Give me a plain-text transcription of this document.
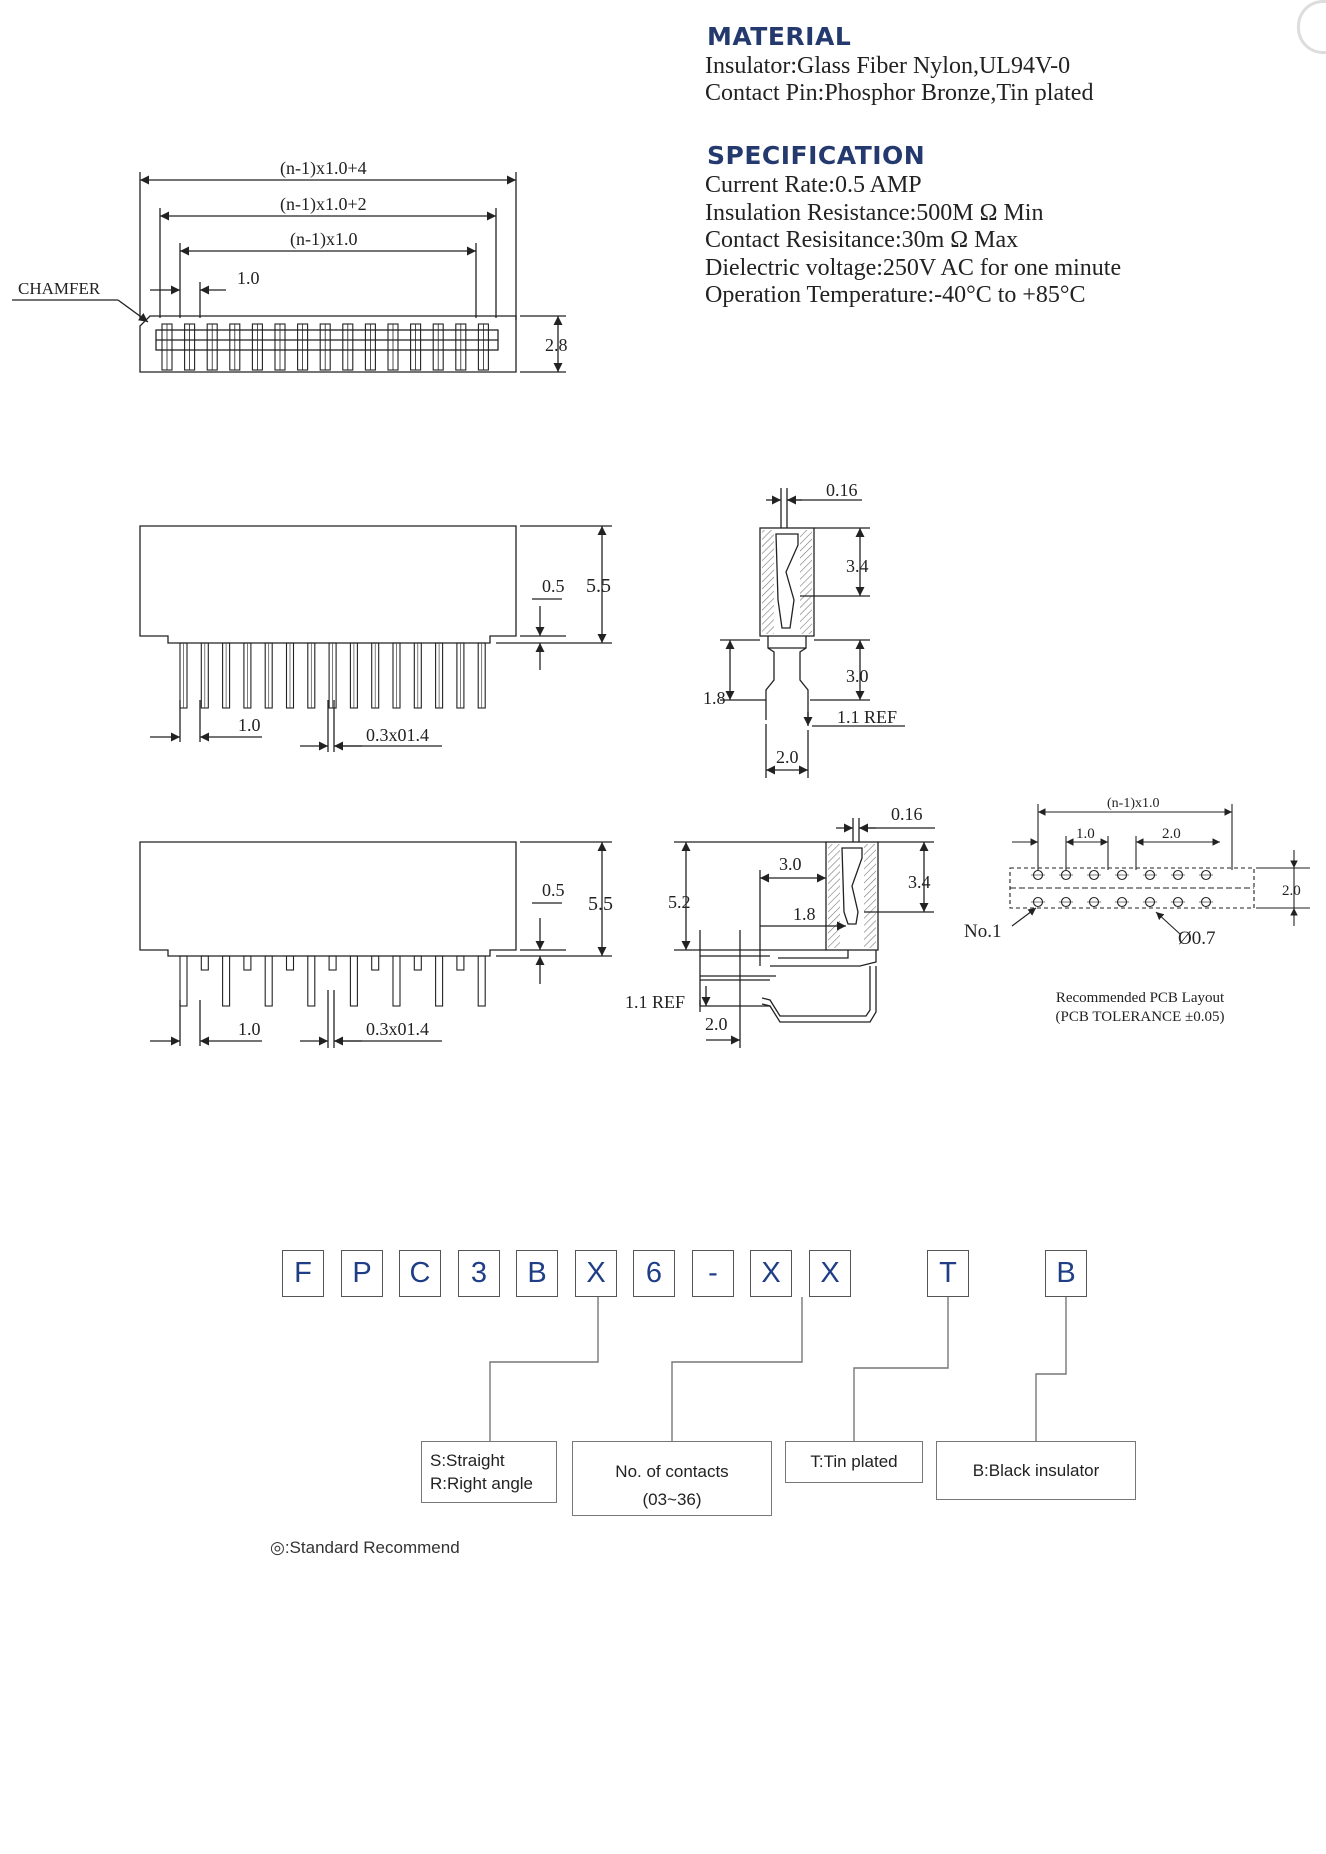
MATERIAL
Insulator:Glass Fiber Nylon,UL94V-0
Contact Pin:Phosphor Bronze,Tin plated
SPECIFICATION
Current Rate:0.5 AMP
Insulation Resistance:500M Ω Min
Contact Resisitance:30m Ω Max
Dielectric voltage:250V AC for one minute
Operation Temperature:-40°C to +85°C
(n-1)x1.0+4
(n-1)x1.0+2
(n-1)x1.0
1.0
2.8
CHAMFER
0.5 5.5
1.0	0.3x01.4
0.16
3.4
3.0
1.8
1.1 REF
2.0
0.5
5.5
1.0	0.3x01.4
0.16
3.0
3.4
5.2
1.8
1.1 REF
2.0
(n-1)x1.0
1.0	2.0
2.0
No.1	Ø0.7
Recommended PCB Layout
(PCB TOLERANCE ±0.05)
F	P	C	3	B	X	6	-	X	X	T	B
S:Straight
R:Right angle
No. of contacts
(03~36)
T:Tin plated	B:Black insulator
◎:Standard Recommend
